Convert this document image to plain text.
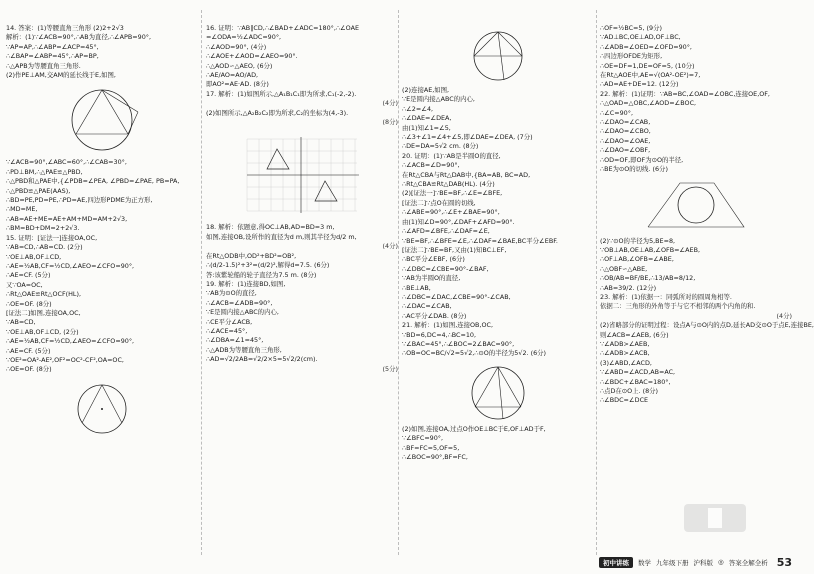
14. 答案：(1)等腰直角三角形 (2)2+2√3
解析：(1)∵∠ACB=90°,∴AB为直径,∴∠APB=90°,
∵AP=AP,∴∠ABP=∠ACP=45°,
∴∠BAP=∠ABP=45°,∴AP=BP,
∴△APB为等腰直角三角形.
(2)作PE⊥AM,交AM的延长线于E,如图,
∵∠ACB=90°,∠ABC=60°,∴∠CAB=30°,
∴PD⊥BM,∴△PAE≌△PBD,
∴△PBD和△PAE中,{∠PDB=∠PEA, ∠PBD=∠PAE, PB=PA,
∴△PBD≌△PAE(AAS),
∴BD=PE,PD=PE,∴PD=AE,四边形PDME为正方形,
∴MD=ME,
∴AB=AE+ME=AE+AM+MD=AM+2√3,
∴BM=BD+DM=2+2√3.
15. 证明：[证法一]连接OA,OC,
∵AB=CD,∴AB=CD. (2分)
∵OE⊥AB,OF⊥CD,
∴AE=½AB,CF=½CD,∠AEO=∠CFO=90°,
∴AE=CF. (5分)
又∵OA=OC,
∴Rt△OAE≌Rt△OCF(HL),
∴OE=OF. (8分)
[证法二]如图,连接OA,OC,
∵AB=CD,
∵OE⊥AB,OF⊥CD, (2分)
∴AE=½AB,CF=½CD,∠AEO=∠CFO=90°,
∴AE=CF. (5分)
∵OE²=OA²-AE²,OF²=OC²-CF²,OA=OC,
∴OE=OF. (8分)
16. 证明：∵AB∥CD,∴∠BAD+∠ADC=180°,∴∠OAE
=∠ODA=½∠ADC=90°,
∴∠AOD=90°, (4分)
∴∠AOE+∠AOD=∠AEO=90°.
∴△AOD∽△AEO, (6分)
∴AE/AO=AO/AD,
即AO²=AE·AD. (8分)
17. 解析：(1)如图所示,△A₁B₁C₁即为所求,C₁(-2,-2).
(4分)
(2)如图所示,△A₂B₂C₂即为所求,C₂的坐标为(4,-3).
(8分)
18. 解析：依题意,得OC⊥AB,AD=BD=3 m,
如图,连接OB,设所作的直径为d m,则其半径为d/2 m,
(4分)
在Rt△ODB中,OD²+BD²=OB²,
∴(d/2-1.5)²+3²=(d/2)²,解得d=7.5. (6分)
答:该紫轮船的轮子直径为7.5 m. (8分)
19. 解析：(1)连接BD,如图,
∵AB为⊙O的直径,
∴∠ACB=∠ADB=90°,
∵E是圆内接△ABC的内心,
∴CE平分∠ACB,
∴∠ACE=45°,
∴∠DBA=∠1=45°,
∴△ADB为等腰直角三角形,
∴AD=√2/2AB=√2/2×5=5√2/2(cm).
(5分)
(2)连接AE,如图,
∵E是圆内接△ABC的内心,
∴∠2=∠4,
∴∠DAE=∠DEA,
由(1)知∠1=∠5,
∴∠3+∠1=∠4+∠5,即∠DAE=∠DEA, (7分)
∴DE=DA=5√2 cm. (8分)
20. 证明：(1)∵AB是半圆O的直径,
∴∠ACB=∠D=90°,
在Rt△CBA与Rt△DAB中,{BA=AB, BC=AD,
∴Rt△CBA≌Rt△DAB(HL). (4分)
(2)[证法一]∵BE=BF,∴∠E=∠BFE,
[证法二]∵点O在圆的切线,
∴∠ABE=90°,∴∠E+∠BAE=90°,
由(1)知∠D=90°,∠DAF+∠AFD=90°.
∴∠AFD=∠BFE,∴∠DAF=∠E,
∵BE=BF,∴∠BFE=∠E,∴∠DAF=∠BAE,BC平分∠EBF.
[证法二]∵BE=BF,又由(1)知BC⊥EF,
∴BC平分∠EBF, (6分)
∴∠DBC=∠CBE=90°-∠BAF,
∵AB为半圆O的直径,
∴BE⊥AB,
∴∠DBC=∠DAC,∠CBE=90°-∠CAB,
∴∠DAC=∠CAB,
∴AC平分∠DAB. (8分)
21. 解析：(1)如图,连接OB,OC,
∵BD=6,DC=4,∴BC=10,
∵∠BAC=45°,∴∠BOC=2∠BAC=90°,
∴OB=OC=BC/√2=5√2,∴⊙O的半径为5√2. (6分)
(2)如图,连接OA,过点O作OE⊥BC于E,OF⊥AD于F,
∵∠BFC=90°,
∴BF=FC=5,OF=5,
∴∠BOC=90°,BF=FC,
∴OF=½BC=5, (9分)
∵AD⊥BC,OE⊥AD,OF⊥BC,
∴∠ADB=∠OED=∠OFD=90°,
∴四边形OFDE为矩形,
∴OE=DF=1,DE=OF=5, (10分)
在Rt△AOE中,AE=√(OA²-OE²)=7,
∴AD=AE+DE=12. (12分)
22. 解析：(1)证明：∵AB=BC,∠OAD=∠OBC,连接OE,OF,
∴△OAD=△OBC,∠AOD=∠BOC,
∴∠C=90°,
∴∠DAO=∠CAB,
∴∠DAO=∠CBO,
∴∠DAO=∠OAE,
∴∠DAO=∠OBF,
∴OD=OF,即OF为⊙O的半径,
∴BE为⊙O的切线. (6分)
(2)∵⊙O的半径为5,BE=8,
∵OB⊥AB,OE⊥AB,∠OFB=∠AEB,
∴OF⊥AB,∠OFB=∠ABE,
∴△OBF∽△ABE,
∴OB/AB=BF/BE,∴13/AB=8/12,
∴AB=39/2. (12分)
23. 解析：(1)依据一：同弧所对的圆周角相等.
依据二：三角形的外角等于与它不相邻的两个内角的和.
(4分)
(2)省略部分的证明过程：设点A与⊙O内的点D,延长AD交⊙O于点E,连接BE,
则∠ACB=∠AEB, (6分)
∵∠ADB>∠AEB,
∴∠ADB>∠ACB,
(3)∠ABD,∠ACD,
∵∠ABD=∠ACD,AB=AC,
∴∠BDC+∠BAC=180°,
∴点D在⊙O上. (8分)
∴∠BDC=∠DCE
初中讲练	数学 九年级下册 沪科版 ◎ 答案全解全析 53
